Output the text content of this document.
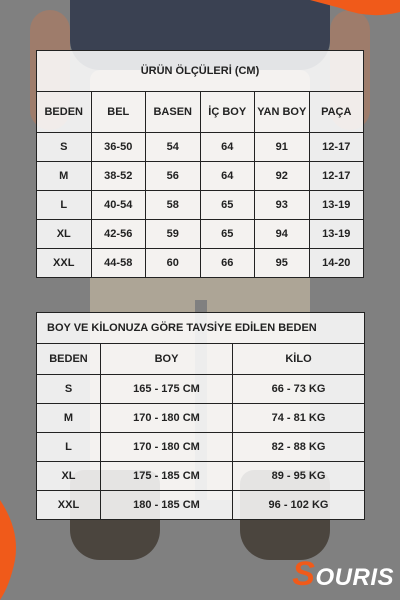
ÜRÜN ÖLÇÜLERİ (CM)					
BEDEN	BEL	BASEN	İÇ BOY	YAN BOY	PAÇA
S	36-50	54	64	91	12-17
M	38-52	56	64	92	12-17
L	40-54	58	65	93	13-19
XL	42-56	59	65	94	13-19
XXL	44-58	60	66	95	14-20
BOY VE KİLONUZA GÖRE TAVSİYE EDİLEN BEDEN		
BEDEN	BOY	KİLO
S	165 - 175 CM	66 - 73 KG
M	170 - 180 CM	74 - 81 KG
L	170 - 180 CM	82 - 88 KG
XL	175 - 185 CM	89 - 95 KG
XXL	180 - 185 CM	96 - 102 KG
SOURIS
